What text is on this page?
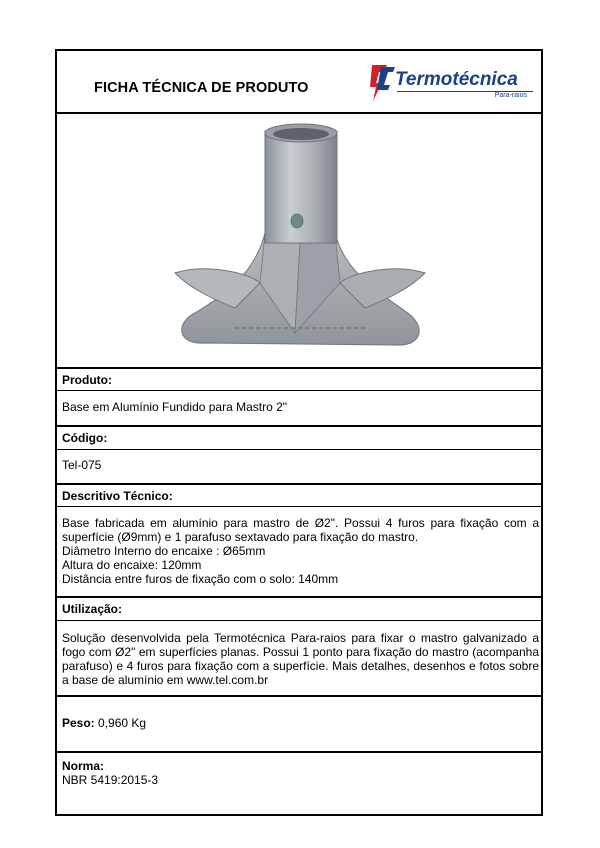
FICHA TÉCNICA DE PRODUTO	Termotécnica
Para-raios
Produto:
Base em Alumínio Fundido para Mastro 2"
Código:
Tel-075
Descritivo Técnico:

Base fabricada em alumínio para mastro de Ø2". Possui 4 furos para fixação com a superfície (Ø9mm) e 1 parafuso sextavado para fixação do mastro.

Diâmetro Interno do encaixe : Ø65mm

Altura do encaixe: 120mm

Distância entre furos de fixação com o solo: 140mm

Utilização:
Solução desenvolvida pela Termotécnica Para-raios para fixar o mastro galvanizado a fogo com Ø2" em superfícies planas. Possui 1 ponto para fixação do mastro (acompanha parafuso) e 4 furos para fixação com a superfície. Mais detalhes, desenhos e fotos sobre a base de alumínio em www.tel.com.br
Peso: 0,960 Kg
Norma:
NBR 5419:2015-3
